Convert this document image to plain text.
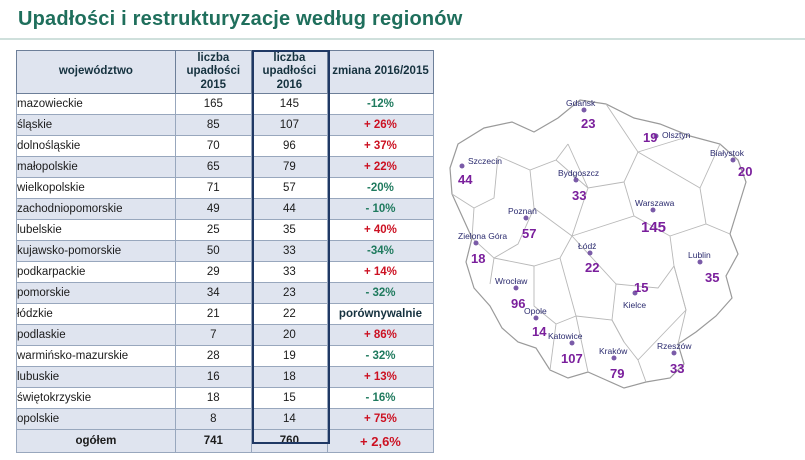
Upadłości i restrukturyzacje według regionów
województwo	liczba upadłości 2015	liczba upadłości 2016	zmiana 2016/2015
mazowieckie	165	145	-12%
śląskie	85	107	+ 26%
dolnośląskie	70	96	+ 37%
małopolskie	65	79	+ 22%
wielkopolskie	71	57	-20%
zachodniopomorskie	49	44	- 10%
lubelskie	25	35	+ 40%
kujawsko-pomorskie	50	33	-34%
podkarpackie	29	33	+ 14%
pomorskie	34	23	- 32%
łódzkie	21	22	porównywalnie
podlaskie	7	20	+ 86%
warmińsko-mazurskie	28	19	- 32%
lubuskie	16	18	+ 13%
świętokrzyskie	18	15	- 16%
opolskie	8	14	+ 75%
ogółem	741	760	+ 2,6%
Szczecin
44
Gdańsk
23
Olsztyn
19
Białystok
20
Bydgoszcz
33
Poznań
57
Warszawa
145
Zielona Góra
18
Łódź
22
Lublin
35
Wrocław
96	Kielce
15
Opole
14 Katowice
107 Kraków
79
Rzeszów
33
